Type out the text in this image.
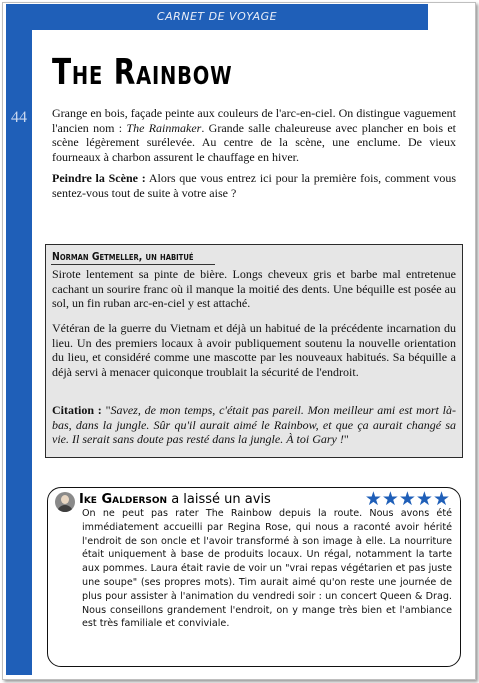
CARNET DE VOYAGE
44
The Rainbow
Grange en bois, façade peinte aux couleurs de l'arc-en-ciel. On distingue vaguement l'ancien nom : The Rainmaker. Grande salle chaleureuse avec plancher en bois et scène légèrement surélevée. Au centre de la scène, une enclume. De vieux fourneaux à charbon assurent le chauffage en hiver.
Peindre la Scène : Alors que vous entrez ici pour la première fois, comment vous sentez-vous tout de suite à votre aise ?
Norman Getmeller, un habitué
Sirote lentement sa pinte de bière. Longs cheveux gris et barbe mal entretenue cachant un sourire franc où il manque la moitié des dents. Une béquille est posée au sol, un fin ruban arc-en-ciel y est attaché.
Vétéran de la guerre du Vietnam et déjà un habitué de la précédente incarnation du lieu. Un des premiers locaux à avoir publiquement soutenu la nouvelle orientation du lieu, et considéré comme une mascotte par les nouveaux habitués. Sa béquille a déjà servi à menacer quiconque troublait la sécurité de l'endroit.
Citation : "Savez, de mon temps, c'était pas pareil. Mon meilleur ami est mort là-bas, dans la jungle. Sûr qu'il aurait aimé le Rainbow, et que ça aurait changé sa vie. Il serait sans doute pas resté dans la jungle. À toi Gary !"
Ike Galderson a laissé un avis	★★★★★
On ne peut pas rater The Rainbow depuis la route. Nous avons été immédiatement accueilli par Regina Rose, qui nous a raconté avoir hérité l'endroit de son oncle et l'avoir transformé à son image à elle. La nourriture était uniquement à base de produits locaux. Un régal, notamment la tarte aux pommes. Laura était ravie de voir un "vrai repas végétarien et pas juste une soupe" (ses propres mots). Tim aurait aimé qu'on reste une journée de plus pour assister à l'animation du vendredi soir : un concert Queen & Drag. Nous conseillons grandement l'endroit, on y mange très bien et l'ambiance est très familiale et conviviale.
